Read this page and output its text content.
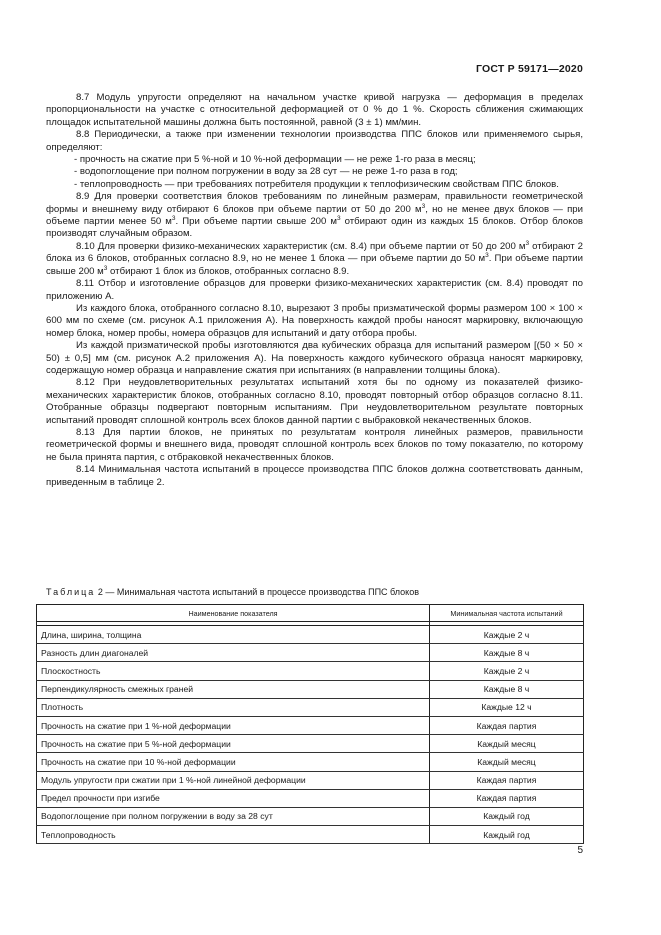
ГОСТ Р 59171—2020

8.7 Модуль упругости определяют на начальном участке кривой нагрузка — деформация в пределах пропорциональности на участке с относительной деформацией от 0 % до 1 %. Скорость сближения сжимающих площадок испытательной машины должна быть постоянной, равной (3 ± 1) мм/мин.

8.8 Периодически, а также при изменении технологии производства ППС блоков или применяемого сырья, определяют:

- прочность на сжатие при 5 %-ной и 10 %-ной деформации — не реже 1-го раза в месяц;

- водопоглощение при полном погружении в воду за 28 сут — не реже 1-го раза в год;

- теплопроводность — при требованиях потребителя продукции к теплофизическим свойствам ППС блоков.

8.9 Для проверки соответствия блоков требованиям по линейным размерам, правильности геометрической формы и внешнему виду отбирают 6 блоков при объеме партии от 50 до 200 $м^3$, но не менее двух блоков — при объеме партии менее 50 $м^3$. При объеме партии свыше 200 $м^3$ отбирают один из каждых 15 блоков. Отбор блоков производят случайным образом.

8.10 Для проверки физико-механических характеристик (см. 8.4) при объеме партии от 50 до 200 $м^3$ отбирают 2 блока из 6 блоков, отобранных согласно 8.9, но не менее 1 блока — при объеме партии до 50 $м^3$. При объеме партии свыше 200 $м^3$ отбирают 1 блок из блоков, отобранных согласно 8.9.

8.11 Отбор и изготовление образцов для проверки физико-механических характеристик (см. 8.4) проводят по приложению А.

Из каждого блока, отобранного согласно 8.10, вырезают 3 пробы призматической формы размером 100 × 100 × 600 мм по схеме (см. рисунок А.1 приложения А). На поверхность каждой пробы наносят маркировку, включающую номер блока, номер пробы, номера образцов для испытаний и дату отбора пробы.

Из каждой призматической пробы изготовляются два кубических образца для испытаний размером [(50 × 50 × 50) ± 0,5] мм (см. рисунок А.2 приложения А). На поверхность каждого кубического образца наносят маркировку, содержащую номер образца и направление сжатия при испытаниях (в направлении толщины блока).

8.12 При неудовлетворительных результатах испытаний хотя бы по одному из показателей физико-механических характеристик блоков, отобранных согласно 8.10, проводят повторный отбор образцов согласно 8.11. Отобранные образцы подвергают повторным испытаниям. При неудовлетворительном результате повторных испытаний проводят сплошной контроль всех блоков данной партии с выбраковкой некачественных блоков.

8.13 Для партии блоков, не принятых по результатам контроля линейных размеров, правильности геометрической формы и внешнего вида, проводят сплошной контроль всех блоков по тому показателю, по которому не была принята партия, с отбраковкой некачественных блоков.

8.14 Минимальная частота испытаний в процессе производства ППС блоков должна соответствовать данным, приведенным в таблице 2.

Таблица 2 — Минимальная частота испытаний в процессе производства ППС блоков
Наименование показателя	Минимальная частота испытаний

Длина, ширина, толщина	Каждые 2 ч
Разность длин диагоналей	Каждые 8 ч
Плоскостность	Каждые 2 ч
Перпендикулярность смежных граней	Каждые 8 ч
Плотность	Каждые 12 ч
Прочность на сжатие при 1 %-ной деформации	Каждая партия
Прочность на сжатие при 5 %-ной деформации	Каждый месяц
Прочность на сжатие при 10 %-ной деформации	Каждый месяц
Модуль упругости при сжатии при 1 %-ной линейной деформации	Каждая партия
Предел прочности при изгибе	Каждая партия
Водопоглощение при полном погружении в воду за 28 сут	Каждый год
Теплопроводность	Каждый год
5
